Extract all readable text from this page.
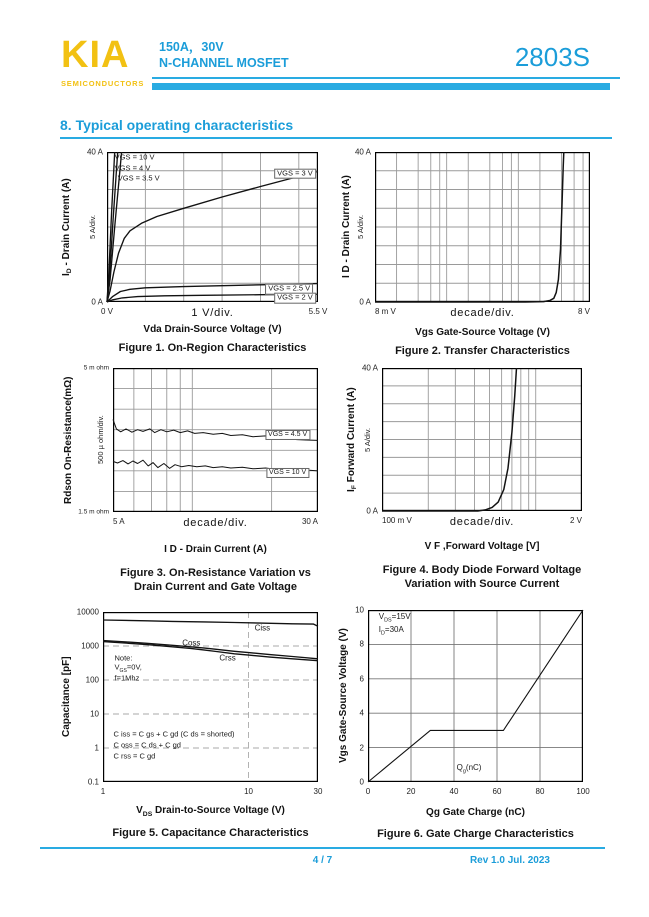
KIA
SEMICONDUCTORS
150A，30V
N-CHANNEL MOSFET	2803S
8. Typical operating characteristics
0 V	1 V/div.	5.5 V
40 A
0 A
VGS = 10 V
VGS = 4 V
VGS = 3.5 V
VGS = 3 V
VGS = 2.5 V
VGS = 2 V
$I_D$ - Drain Current (A) 5 A/div.
Vda Drain-Source Voltage (V)
Figure 1. On-Region Characteristics
8 m V	decade/div.	8 V
40 A
0 A
I D - Drain Current (A) 5 A/div.
Vgs Gate-Source Voltage (V)
Figure 2. Transfer Characteristics
5 A	decade/div.	30 A
5 m ohm
1.5 m ohm
VGS = 4.5 V
VGS = 10 V
Rdson On-Resistance(mΩ)	500 µ ohm/div.
I D - Drain Current (A)
Figure 3. On-Resistance Variation vs
Drain Current and Gate Voltage
100 m V	decade/div.	2 V
40 A
0 A
$I_F$ Forward Current (A) 5 A/div.
V F ,Forward Voltage [V]
Figure 4. Body Diode Forward Voltage
Variation with Source Current
1	10	30
10000
1000
100
10
1
0.1
Ciss
Coss
Crss
Note:
$V_{GS}=0V$,
f=1Mhz
C iss = C gs + C gd (C ds = shorted)
C oss = C ds + C gd
C rss = C gd
Capacitance [pF]
$V_{DS}$ Drain-to-Source Voltage (V)
Figure 5. Capacitance Characteristics
0	20	40	60	80	100
10
8
6
4
2
0
$V_{DS}=15V$
$I_D=30A$
$Q_g(nC)$
Vgs Gate-Source Voltage (V)
Qg Gate Charge (nC)
Figure 6. Gate Charge Characteristics
4 / 7	Rev 1.0 Jul. 2023
